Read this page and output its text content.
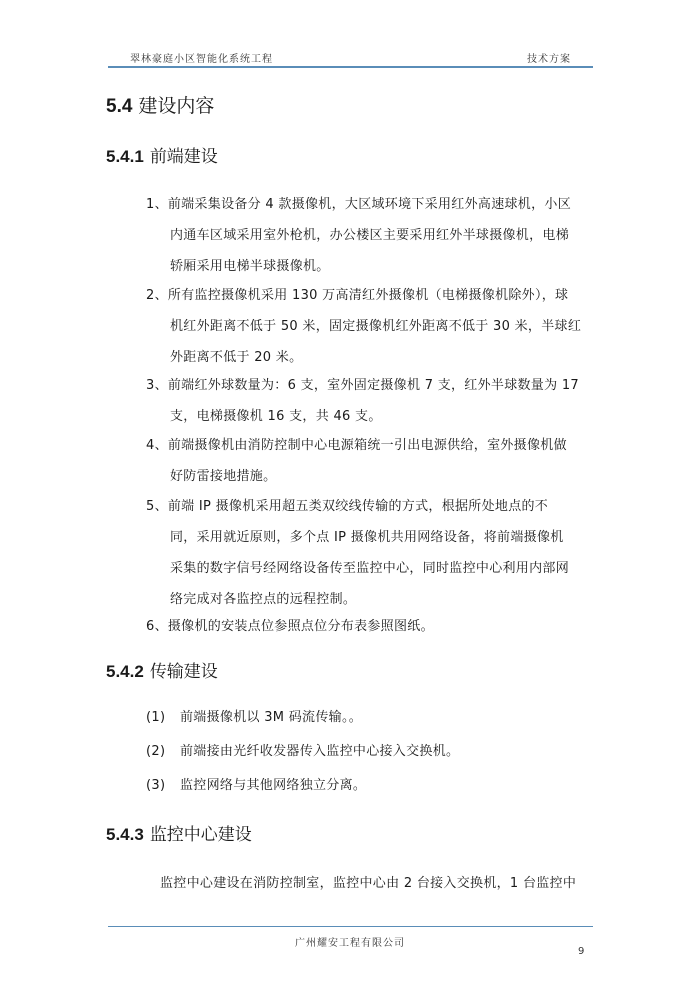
翠林豪庭小区智能化系统工程	技术方案
5.4 建设内容
5.4.1 前端建设
1、前端采集设备分 4 款摄像机，大区域环境下采用红外高速球机，小区
内通车区域采用室外枪机，办公楼区主要采用红外半球摄像机，电梯
轿厢采用电梯半球摄像机。
2、所有监控摄像机采用 130 万高清红外摄像机（电梯摄像机除外），球
机红外距离不低于 50 米，固定摄像机红外距离不低于 30 米，半球红
外距离不低于 20 米。
3、前端红外球数量为：6 支，室外固定摄像机 7 支，红外半球数量为 17
支，电梯摄像机 16 支，共 46 支。
4、前端摄像机由消防控制中心电源箱统一引出电源供给，室外摄像机做
好防雷接地措施。
5、前端 IP 摄像机采用超五类双绞线传输的方式，根据所处地点的不
同，采用就近原则，多个点 IP 摄像机共用网络设备，将前端摄像机
采集的数字信号经网络设备传至监控中心，同时监控中心利用内部网
络完成对各监控点的远程控制。
6、摄像机的安装点位参照点位分布表参照图纸。
5.4.2 传输建设
(1) 前端摄像机以 3M 码流传输。。
(2) 前端接由光纤收发器传入监控中心接入交换机。
(3) 监控网络与其他网络独立分离。
5.4.3 监控中心建设
监控中心建设在消防控制室，监控中心由 2 台接入交换机，1 台监控中
广州耀安工程有限公司
9
